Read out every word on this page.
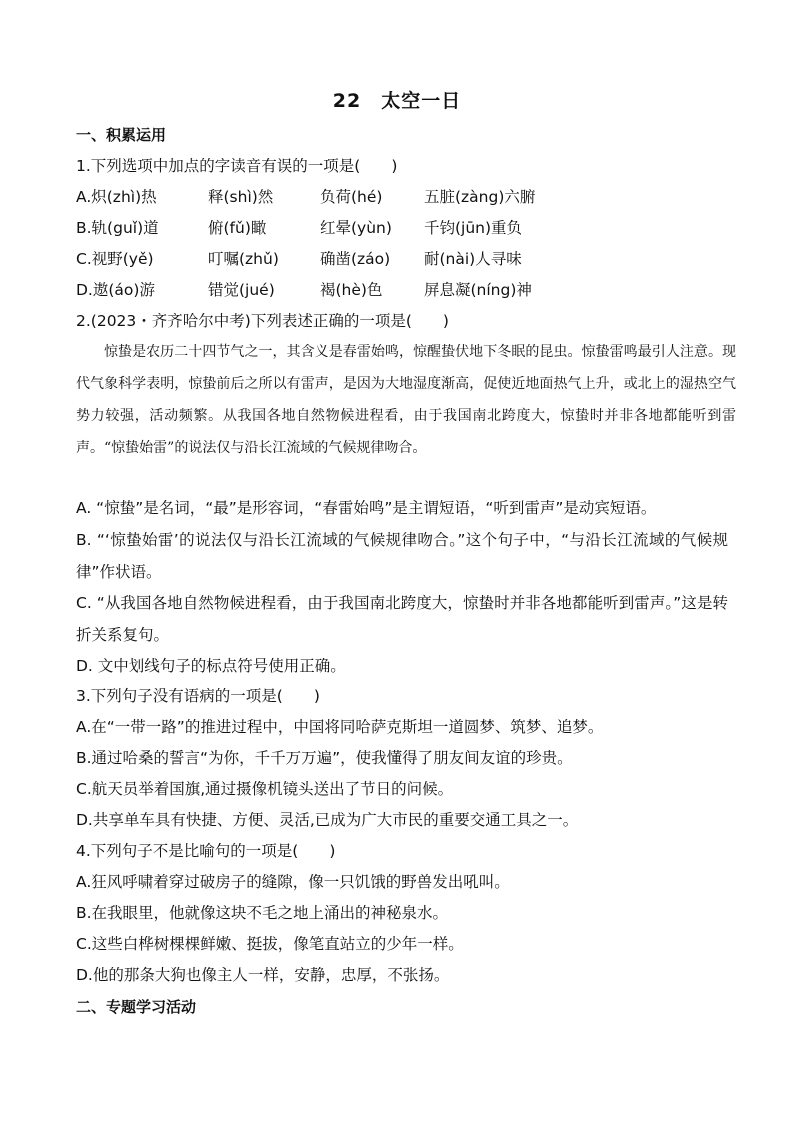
22　太空一日
一、积累运用
1.下列选项中加点的字读音有误的一项是(　　)
A.炽(zhì)热	释(shì)然	负荷(hé)	五脏(zàng)六腑
B.轨(guǐ)道	俯(fǔ)瞰	红晕(yùn) 千钧(jūn)重负
C.视野(yě)	叮嘱(zhǔ)	确凿(záo) 耐(nài)人寻味
D.遨(áo)游	错觉(jué)	褐(hè)色	屏息凝(níng)神
2.(2023・齐齐哈尔中考)下列表述正确的一项是(　　)
惊蛰是农历二十四节气之一，其含义是春雷始鸣，惊醒蛰伏地下冬眠的昆虫。惊蛰雷鸣最引人注意。现代气象科学表明，惊蛰前后之所以有雷声，是因为大地湿度渐高，促使近地面热气上升，或北上的湿热空气势力较强，活动频繁。从我国各地自然物候进程看，由于我国南北跨度大，惊蛰时并非各地都能听到雷声。“惊蛰始雷”的说法仅与沿长江流域的气候规律吻合。
A. “惊蛰”是名词，“最”是形容词，“春雷始鸣”是主谓短语，“听到雷声”是动宾短语。
B. “‘惊蛰始雷’的说法仅与沿长江流域的气候规律吻合。”这个句子中，“与沿长江流域的气候规律”作状语。
C. “从我国各地自然物候进程看，由于我国南北跨度大，惊蛰时并非各地都能听到雷声。”这是转折关系复句。
D. 文中划线句子的标点符号使用正确。
3.下列句子没有语病的一项是(　　)
A.在“一带一路”的推进过程中，中国将同哈萨克斯坦一道圆梦、筑梦、追梦。
B.通过哈桑的誓言“为你，千千万万遍”，使我懂得了朋友间友谊的珍贵。
C.航天员举着国旗,通过摄像机镜头送出了节日的问候。
D.共享单车具有快捷、方便、灵活,已成为广大市民的重要交通工具之一。
4.下列句子不是比喻句的一项是(　　)
A.狂风呼啸着穿过破房子的缝隙，像一只饥饿的野兽发出吼叫。
B.在我眼里，他就像这块不毛之地上涌出的神秘泉水。
C.这些白桦树棵棵鲜嫩、挺拔，像笔直站立的少年一样。
D.他的那条大狗也像主人一样，安静，忠厚，不张扬。
二、专题学习活动
